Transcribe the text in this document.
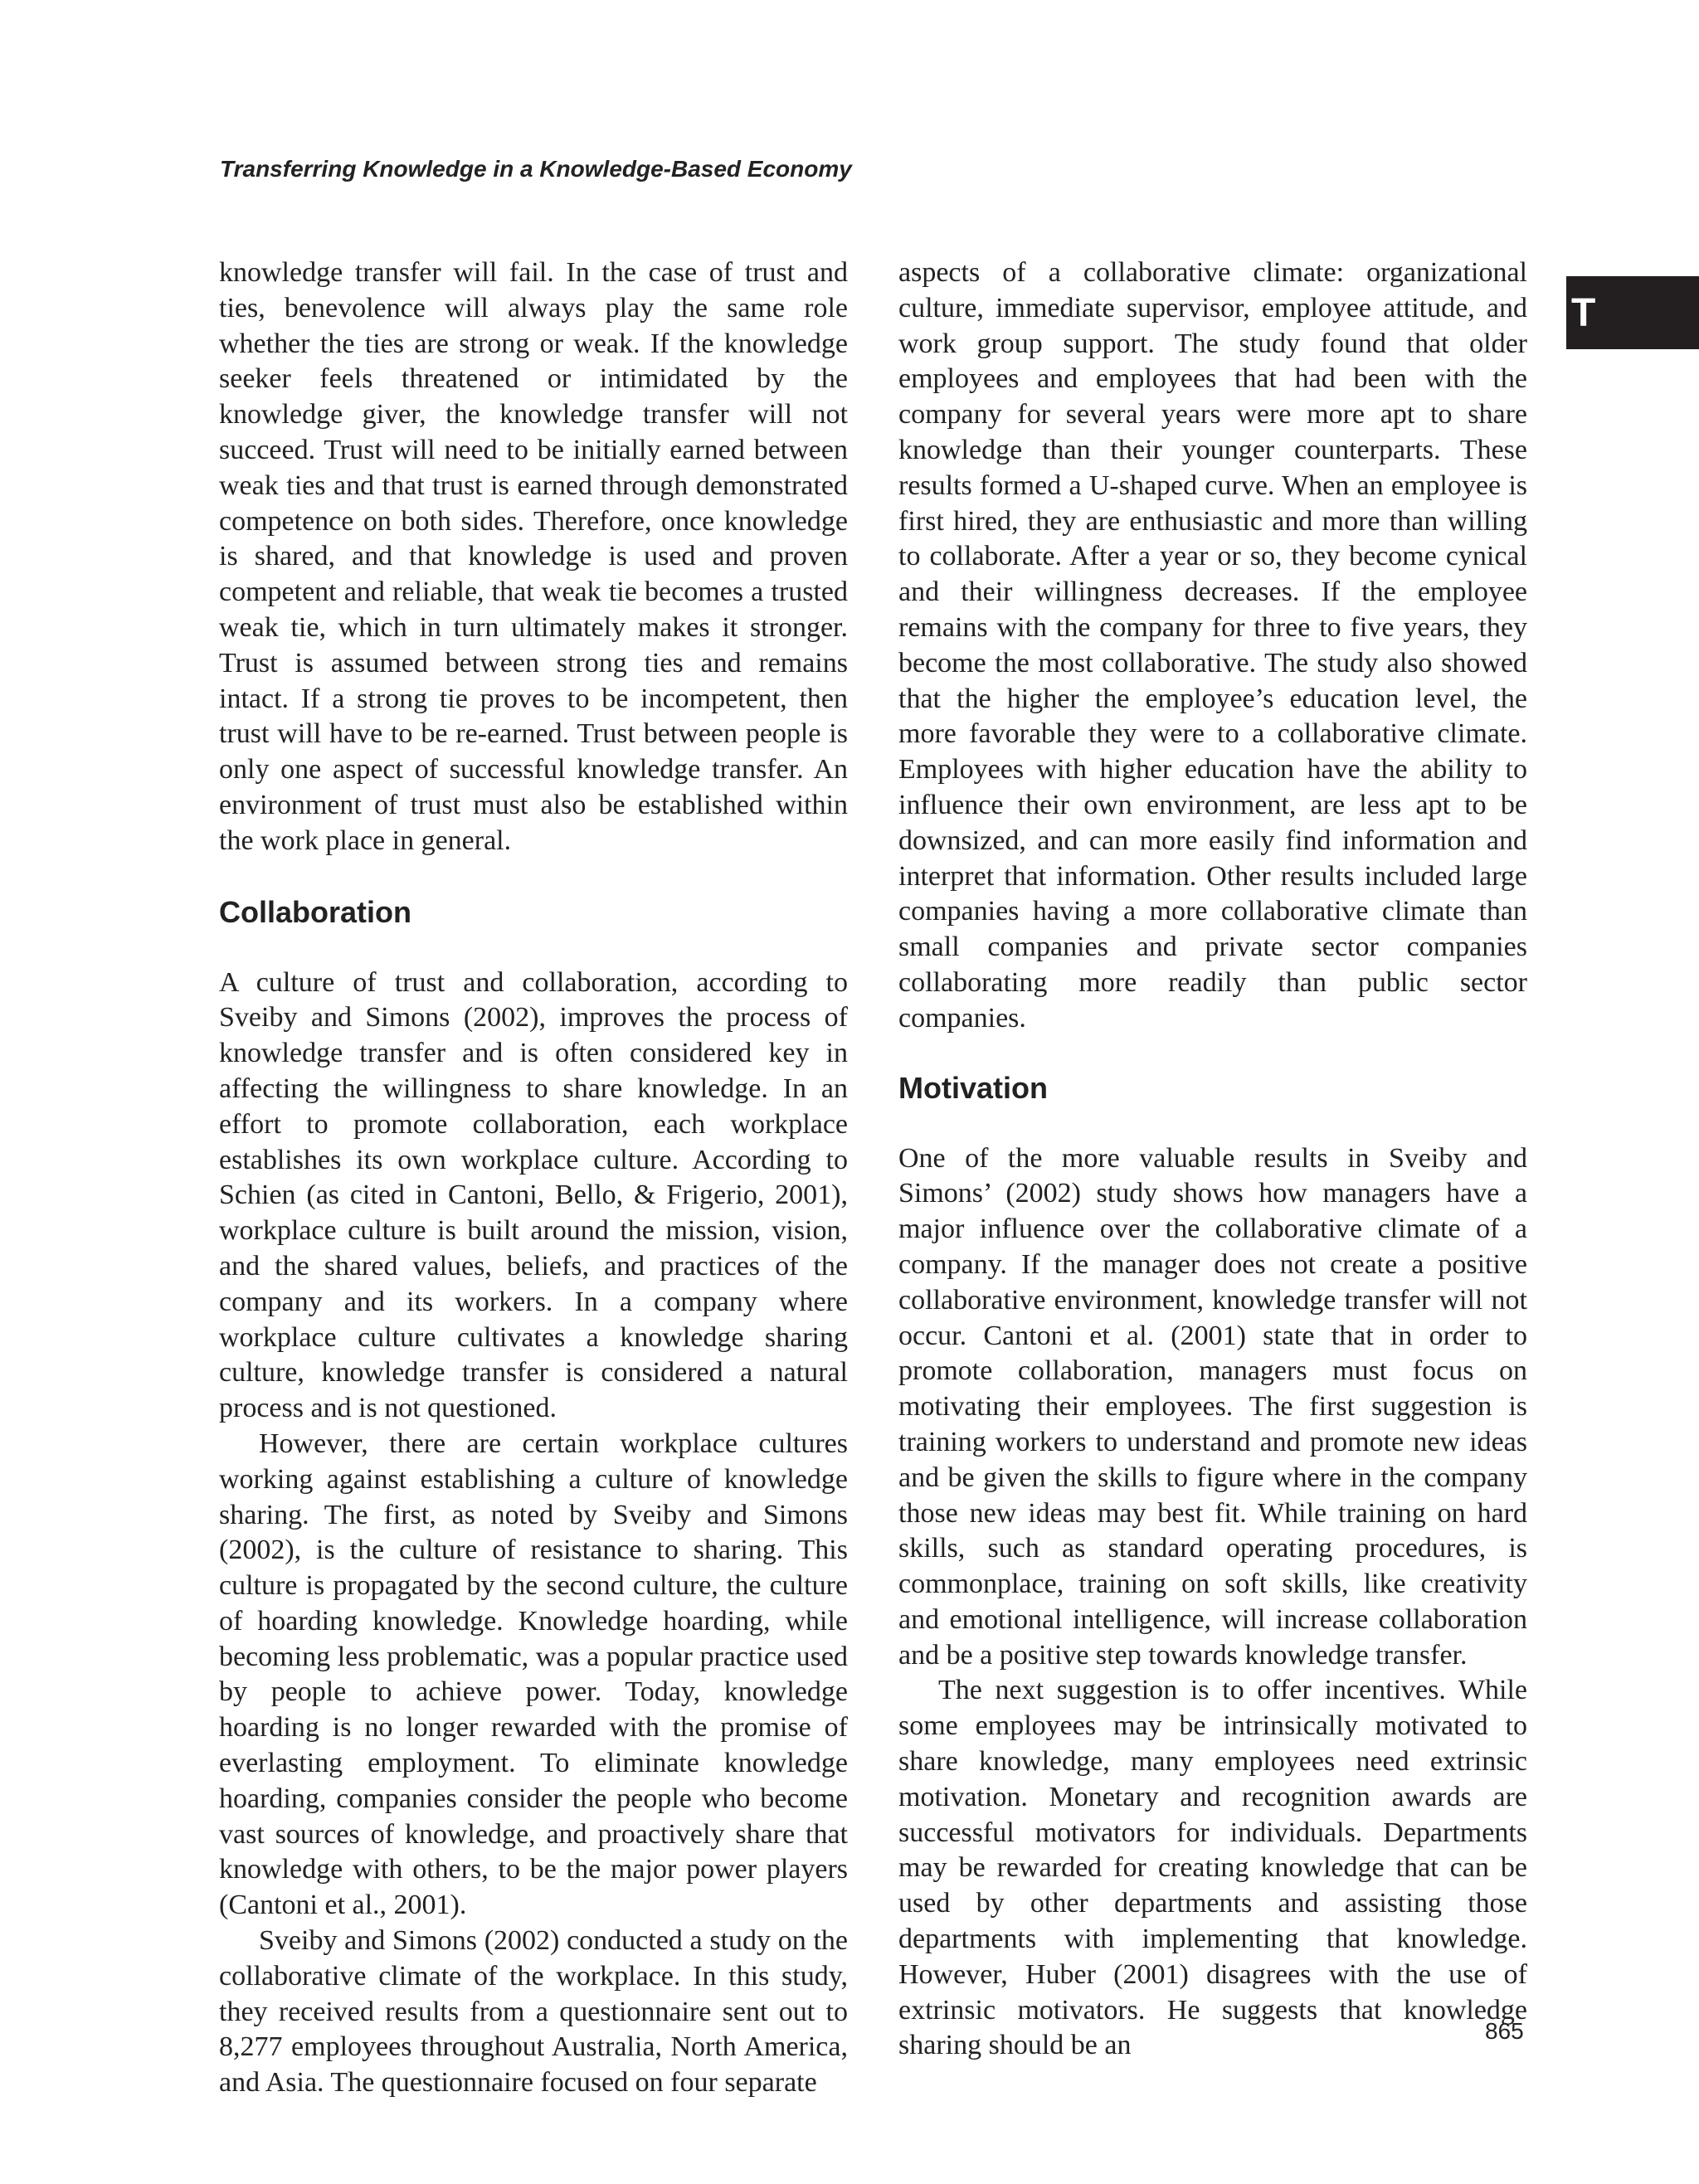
Transferring Knowledge in a Knowledge-Based Economy
T

knowledge transfer will fail. In the case of trust and ties, benevolence will always play the same role whether the ties are strong or weak. If the knowledge seeker feels threatened or intimidated by the knowledge giver, the knowledge transfer will not succeed. Trust will need to be initially earned between weak ties and that trust is earned through demonstrated competence on both sides. Therefore, once knowledge is shared, and that knowledge is used and proven competent and reliable, that weak tie becomes a trusted weak tie, which in turn ultimately makes it stronger. Trust is assumed between strong ties and remains intact. If a strong tie proves to be incompetent, then trust will have to be re-earned. Trust between people is only one aspect of successful knowledge transfer. An environment of trust must also be established within the work place in general.

Collaboration

A culture of trust and collaboration, according to Sveiby and Simons (2002), improves the process of knowledge transfer and is often considered key in affecting the willingness to share knowledge. In an effort to promote collaboration, each workplace establishes its own workplace culture. According to Schien (as cited in Cantoni, Bello, & Frigerio, 2001), workplace culture is built around the mission, vision, and the shared values, beliefs, and practices of the company and its workers. In a company where workplace culture cultivates a knowledge sharing culture, knowledge transfer is considered a natural process and is not questioned.

However, there are certain workplace cultures working against establishing a culture of knowledge sharing. The first, as noted by Sveiby and Simons (2002), is the culture of resistance to sharing. This culture is propagated by the second culture, the culture of hoarding knowledge. Knowledge hoarding, while becoming less problematic, was a popular practice used by people to achieve power. Today, knowledge hoarding is no longer rewarded with the promise of everlasting employment. To eliminate knowledge hoarding, companies consider the people who become vast sources of knowledge, and proactively share that knowledge with others, to be the major power players (Cantoni et al., 2001).

Sveiby and Simons (2002) conducted a study on the collaborative climate of the workplace. In this study, they received results from a questionnaire sent out to 8,277 employees throughout Australia, North America, and Asia. The questionnaire focused on four separate

aspects of a collaborative climate: organizational culture, immediate supervisor, employee attitude, and work group support. The study found that older employees and employees that had been with the company for several years were more apt to share knowledge than their younger counterparts. These results formed a U-shaped curve. When an employee is first hired, they are enthusiastic and more than willing to collaborate. After a year or so, they become cynical and their willingness decreases. If the employee remains with the company for three to five years, they become the most collaborative. The study also showed that the higher the employee’s education level, the more favorable they were to a collaborative climate. Employees with higher education have the ability to influence their own environment, are less apt to be downsized, and can more easily find information and interpret that information. Other results included large companies having a more collaborative climate than small companies and private sector companies collaborating more readily than public sector companies.

Motivation

One of the more valuable results in Sveiby and Simons’ (2002) study shows how managers have a major influence over the collaborative climate of a company. If the manager does not create a positive collaborative environment, knowledge transfer will not occur. Cantoni et al. (2001) state that in order to promote collaboration, managers must focus on motivating their employees. The first suggestion is training workers to understand and promote new ideas and be given the skills to figure where in the company those new ideas may best fit. While training on hard skills, such as standard operating procedures, is commonplace, training on soft skills, like creativity and emotional intelligence, will increase collaboration and be a positive step towards knowledge transfer.

The next suggestion is to offer incentives. While some employees may be intrinsically motivated to share knowledge, many employees need extrinsic motivation. Monetary and recognition awards are successful motivators for individuals. Departments may be rewarded for creating knowledge that can be used by other departments and assisting those departments with implementing that knowledge. However, Huber (2001) disagrees with the use of extrinsic motivators. He suggests that knowledge sharing should be an	865
